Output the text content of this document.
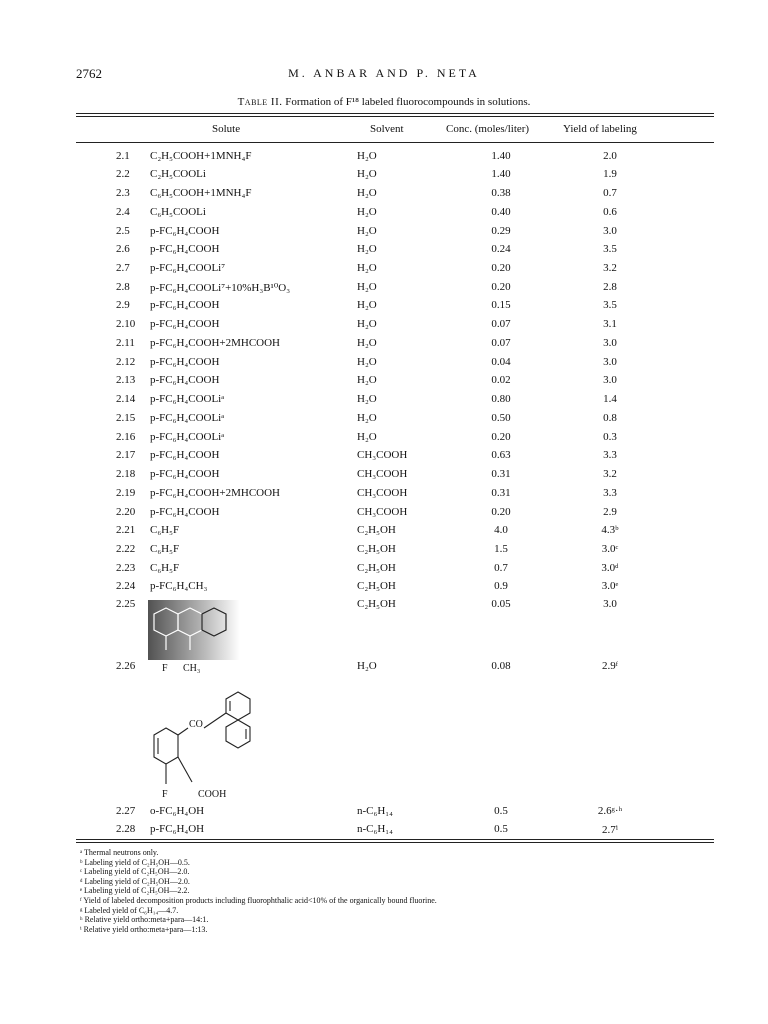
2762	M. ANBAR AND P. NETA
Table II. Formation of F¹⁸ labeled fluorocompounds in solutions.
Solute	Solvent	Conc. (moles/liter)	Yield of labeling
2.1 C₂H₅COOH+1MNH₄F	H₂O	1.40	2.0
2.2 C₂H₅COOLi	H₂O	1.40	1.9
2.3 C₆H₅COOH+1MNH₄F	H₂O	0.38	0.7
2.4 C₆H₅COOLi	H₂O	0.40	0.6
2.5 p-FC₆H₄COOH	H₂O	0.29	3.0
2.6 p-FC₆H₄COOH	H₂O	0.24	3.5
2.7 p-FC₆H₄COOLi⁷	H₂O	0.20	3.2
2.8 p-FC₆H₄COOLi⁷+10%H₃B¹⁰O₃	H₂O	0.20	2.8
2.9 p-FC₆H₄COOH	H₂O	0.15	3.5
2.10 p-FC₆H₄COOH	H₂O	0.07	3.1
2.11 p-FC₆H₄COOH+2MHCOOH	H₂O	0.07	3.0
2.12 p-FC₆H₄COOH	H₂O	0.04	3.0
2.13 p-FC₆H₄COOH	H₂O	0.02	3.0
2.14 p-FC₆H₄COOLiᵃ	H₂O	0.80	1.4
2.15 p-FC₆H₄COOLiᵃ	H₂O	0.50	0.8
2.16 p-FC₆H₄COOLiᵃ	H₂O	0.20	0.3
2.17 p-FC₆H₄COOH	CH₃COOH	0.63	3.3
2.18 p-FC₆H₄COOH	CH₃COOH	0.31	3.2
2.19 p-FC₆H₄COOH+2MHCOOH	CH₃COOH	0.31	3.3
2.20 p-FC₆H₄COOH	CH₃COOH	0.20	2.9
2.21 C₆H₅F	C₂H₅OH	4.0	4.3ᵇ
2.22 C₆H₅F	C₂H₅OH	1.5	3.0ᶜ
2.23 C₆H₅F	C₂H₅OH	0.7	3.0ᵈ
2.24 p-FC₆H₄CH₃	C₂H₅OH	0.9	3.0ᵉ
2.25	C₂H₅OH	0.05	3.0
2.26	H₂O	0.08	2.9ᶠ
2.27 o-FC₆H₄OH	n-C₆H₁₄	0.5	2.6ᵍ·ʰ
2.28 p-FC₆H₄OH	n-C₆H₁₄	0.5	2.7ⁱ
F CH₃
CO
F	COOH
ᵃ Thermal neutrons only.
ᵇ Labeling yield of C₂H₅OH—0.5.
ᶜ Labeling yield of C₂H₅OH—2.0.
ᵈ Labeling yield of C₂H₅OH—2.0.
ᵉ Labeling yield of C₂H₅OH—2.2.
ᶠ Yield of labeled decomposition products including fluorophthalic acid<10% of the organically bound fluorine.
ᵍ Labeled yield of C₆H₁₄—4.7.
ʰ Relative yield ortho:meta+para—14:1.
ⁱ Relative yield ortho:meta+para—1:13.
